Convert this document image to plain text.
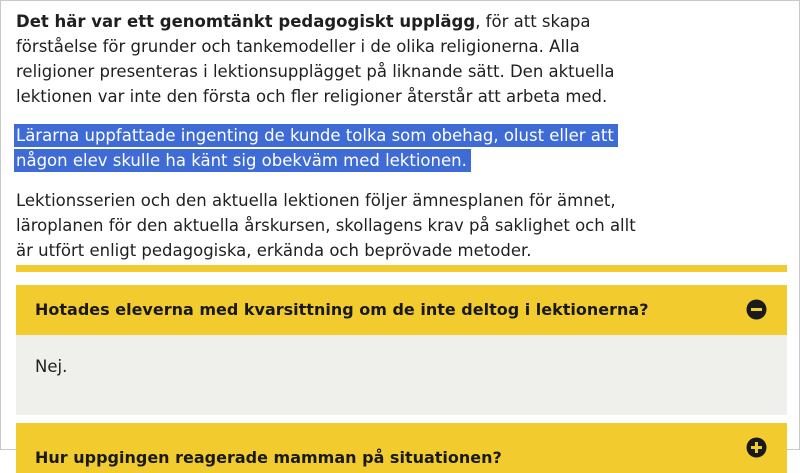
Det här var ett genomtänkt pedagogiskt upplägg, för att skapa förståelse för grunder och tankemodeller i de olika religionerna. Alla religioner presenteras i lektionsupplägget på liknande sätt. Den aktuella lektionen var inte den första och fler religioner återstår att arbeta med.

Lärarna uppfattade ingenting de kunde tolka som obehag, olust eller att någon elev skulle ha känt sig obekväm med lektionen.

Lektionsserien och den aktuella lektionen följer ämnesplanen för ämnet, läroplanen för den aktuella årskursen, skollagens krav på saklighet och allt är utfört enligt pedagogiska, erkända och beprövade metoder.

Hotades eleverna med kvarsittning om de inte deltog i lektionerna?
Nej.
Hur uppgingen reagerade mamman på situationen?
